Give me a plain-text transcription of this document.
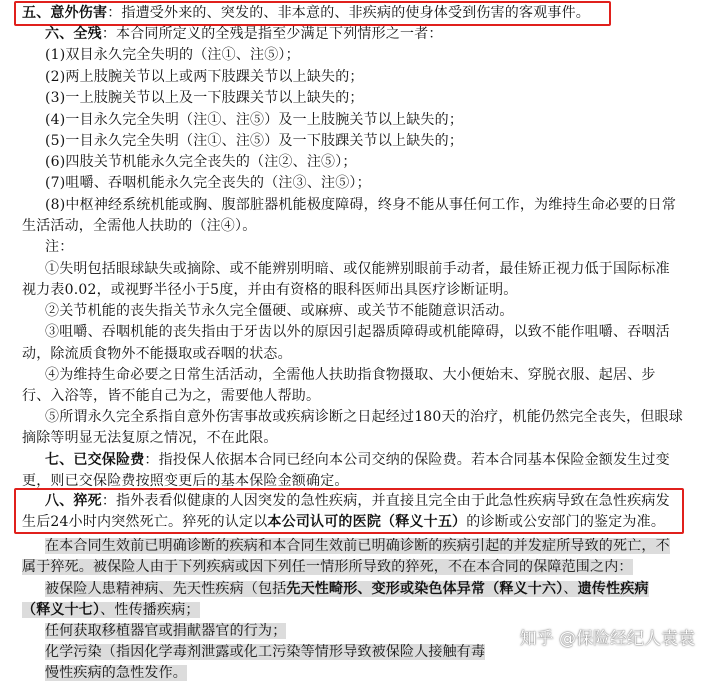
五、意外伤害：指遭受外来的、突发的、非本意的、非疾病的使身体受到伤害的客观事件。
六、全残：本合同所定义的全残是指至少满足下列情形之一者：
(1)双目永久完全失明的（注①、注⑤）；
(2)两上肢腕关节以上或两下肢踝关节以上缺失的；
(3)一上肢腕关节以上及一下肢踝关节以上缺失的；
(4)一目永久完全失明（注①、注⑤）及一上肢腕关节以上缺失的；
(5)一目永久完全失明（注①、注⑤）及一下肢踝关节以上缺失的；
(6)四肢关节机能永久完全丧失的（注②、注⑤）；
(7)咀嚼、吞咽机能永久完全丧失的（注③、注⑤）；
(8)中枢神经系统机能或胸、腹部脏器机能极度障碍，终身不能从事任何工作，为维持生命必要的日常
生活活动，全需他人扶助的（注④）。
注：
①失明包括眼球缺失或摘除、或不能辨别明暗、或仅能辨别眼前手动者，最佳矫正视力低于国际标准
视力表0.02，或视野半径小于5度，并由有资格的眼科医师出具医疗诊断证明。
②关节机能的丧失指关节永久完全僵硬、或麻痹、或关节不能随意识活动。
③咀嚼、吞咽机能的丧失指由于牙齿以外的原因引起器质障碍或机能障碍，以致不能作咀嚼、吞咽活
动，除流质食物外不能摄取或吞咽的状态。
④为维持生命必要之日常生活活动，全需他人扶助指食物摄取、大小便始末、穿脱衣服、起居、步
行、入浴等，皆不能自己为之，需要他人帮助。
⑤所谓永久完全系指自意外伤害事故或疾病诊断之日起经过180天的治疗，机能仍然完全丧失，但眼球
摘除等明显无法复原之情况，不在此限。
七、已交保险费：指投保人依据本合同已经向本公司交纳的保险费。若本合同基本保险金额发生过变
更，则已交保险费按照变更后的基本保险金额确定。
八、猝死：指外表看似健康的人因突发的急性疾病，并直接且完全由于此急性疾病导致在急性疾病发
生后24小时内突然死亡。猝死的认定以本公司认可的医院（释义十五）的诊断或公安部门的鉴定为准。
在本合同生效前已明确诊断的疾病和本合同生效前已明确诊断的疾病引起的并发症所导致的死亡，不
属于猝死。被保险人由于下列疾病或因下列任一情形所导致的猝死，不在本合同的保障范围之内：
被保险人患精神病、先天性疾病（包括先天性畸形、变形或染色体异常（释义十六）、遗传性疾病
（释义十七）、性传播疾病；
任何获取移植器官或捐献器官的行为；
化学污染（指因化学毒剂泄露或化工污染等情形导致被保险人接触有毒
慢性疾病的急性发作。
知乎 @保险经纪人袁袁
